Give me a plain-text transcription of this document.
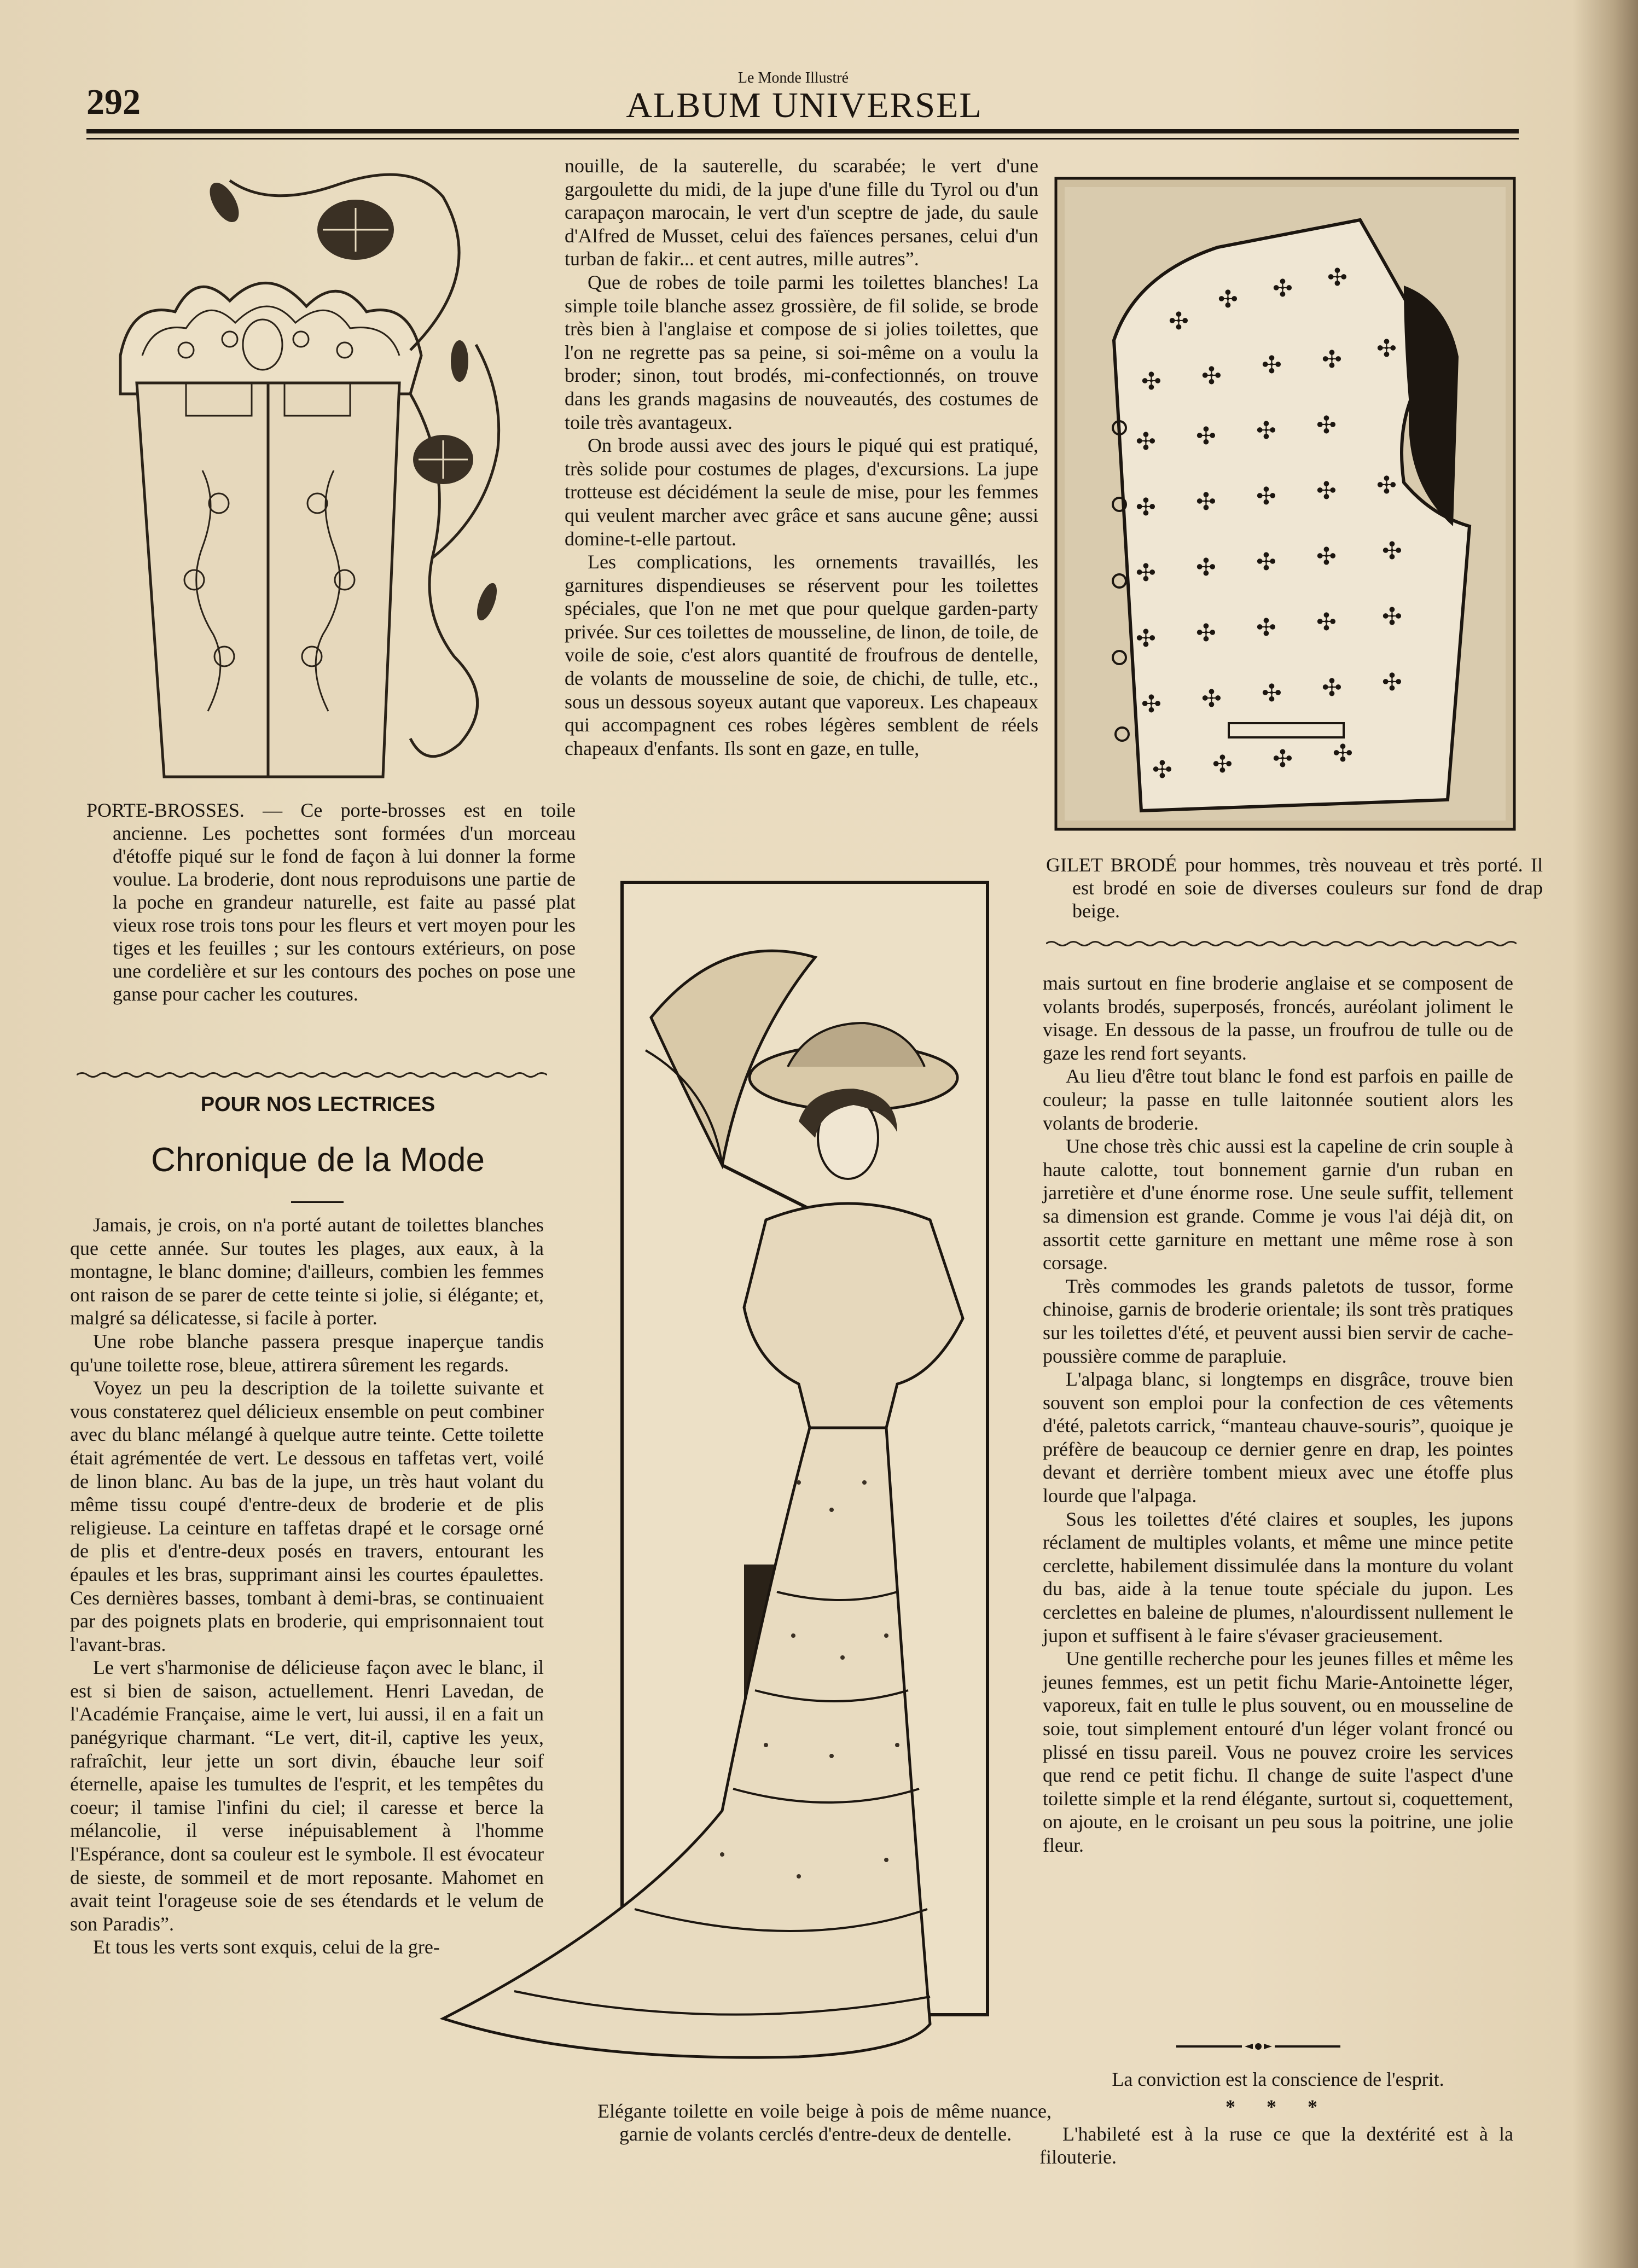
292
Le Monde Illustré
ALBUM UNIVERSEL
PORTE-BROSSES. — Ce porte-brosses est en toile ancienne. Les pochettes sont formées d'un morceau d'étoffe piqué sur le fond de façon à lui donner la forme voulue. La broderie, dont nous reproduisons une partie de la poche en grandeur naturelle, est faite au passé plat vieux rose trois tons pour les fleurs et vert moyen pour les tiges et les feuilles ; sur les contours extérieurs, on pose une cordelière et sur les contours des poches on pose une ganse pour cacher les coutures.
POUR NOS LECTRICES
Chronique de la Mode

Jamais, je crois, on n'a porté autant de toilettes blanches que cette année. Sur toutes les plages, aux eaux, à la montagne, le blanc domine; d'ailleurs, combien les femmes ont raison de se parer de cette teinte si jolie, si élégante; et, malgré sa délicatesse, si facile à porter.

Une robe blanche passera presque inaperçue tandis qu'une toilette rose, bleue, attirera sûrement les regards.

Voyez un peu la description de la toilette suivante et vous constaterez quel délicieux ensemble on peut combiner avec du blanc mélangé à quelque autre teinte. Cette toilette était agrémentée de vert. Le dessous en taffetas vert, voilé de linon blanc. Au bas de la jupe, un très haut volant du même tissu coupé d'entre-deux de broderie et de plis religieuse. La ceinture en taffetas drapé et le corsage orné de plis et d'entre-deux posés en travers, entourant les épaules et les bras, supprimant ainsi les courtes épaulettes. Ces dernières basses, tombant à demi-bras, se continuaient par des poignets plats en broderie, qui emprisonnaient tout l'avant-bras.

Le vert s'harmonise de délicieuse façon avec le blanc, il est si bien de saison, actuellement. Henri Lavedan, de l'Académie Française, aime le vert, lui aussi, il en a fait un panégyrique charmant. “Le vert, dit-il, captive les yeux, rafraîchit, leur jette un sort divin, ébauche leur soif éternelle, apaise les tumultes de l'esprit, et les tempêtes du coeur; il tamise l'infini du ciel; il caresse et berce la mélancolie, il verse inépuisablement à l'homme l'Espérance, dont sa couleur est le symbole. Il est évocateur de sieste, de sommeil et de mort reposante. Mahomet en avait teint l'orageuse soie de ses étendards et le velum de son Paradis”.

Et tous les verts sont exquis, celui de la gre-

nouille, de la sauterelle, du scarabée; le vert d'une gargoulette du midi, de la jupe d'une fille du Tyrol ou d'un carapaçon marocain, le vert d'un sceptre de jade, du saule d'Alfred de Musset, celui des faïences persanes, celui d'un turban de fakir... et cent autres, mille autres”.

Que de robes de toile parmi les toilettes blanches! La simple toile blanche assez grossière, de fil solide, se brode très bien à l'anglaise et compose de si jolies toilettes, que l'on ne regrette pas sa peine, si soi-même on a voulu la broder; sinon, tout brodés, mi-confectionnés, on trouve dans les grands magasins de nouveautés, des costumes de toile très avantageux.

On brode aussi avec des jours le piqué qui est pratiqué, très solide pour costumes de plages, d'excursions. La jupe trotteuse est décidément la seule de mise, pour les femmes qui veulent marcher avec grâce et sans aucune gêne; aussi domine-t-elle partout.

Les complications, les ornements travaillés, les garnitures dispendieuses se réservent pour les toilettes spéciales, que l'on ne met que pour quelque garden-party privée. Sur ces toilettes de mousseline, de linon, de toile, de voile de soie, c'est alors quantité de froufrous de dentelle, de volants de mousseline de soie, de chichi, de tulle, etc., sous un dessous soyeux autant que vaporeux. Les chapeaux qui accompagnent ces robes légères semblent de réels chapeaux d'enfants. Ils sont en gaze, en tulle,

Elégante toilette en voile beige à pois de même nuance, garnie de volants cerclés d'entre-deux de dentelle.
✣
✣ ✣ ✣
✣ ✣ ✣ ✣ ✣
✣ ✣ ✣ ✣
✣ ✣ ✣ ✣ ✣
✣ ✣ ✣ ✣ ✣
✣ ✣ ✣ ✣ ✣
✣ ✣ ✣ ✣ ✣
✣ ✣ ✣ ✣
GILET BRODÉ pour hommes, très nouveau et très porté. Il est brodé en soie de diverses couleurs sur fond de drap beige.

mais surtout en fine broderie anglaise et se composent de volants brodés, superposés, froncés, auréolant joliment le visage. En dessous de la passe, un froufrou de tulle ou de gaze les rend fort seyants.

Au lieu d'être tout blanc le fond est parfois en paille de couleur; la passe en tulle laitonnée soutient alors les volants de broderie.

Une chose très chic aussi est la capeline de crin souple à haute calotte, tout bonnement garnie d'un ruban en jarretière et d'une énorme rose. Une seule suffit, tellement sa dimension est grande. Comme je vous l'ai déjà dit, on assortit cette garniture en mettant une même rose à son corsage.

Très commodes les grands paletots de tussor, forme chinoise, garnis de broderie orientale; ils sont très pratiques sur les toilettes d'été, et peuvent aussi bien servir de cache-poussière comme de parapluie.

L'alpaga blanc, si longtemps en disgrâce, trouve bien souvent son emploi pour la confection de ces vêtements d'été, paletots carrick, “manteau chauve-souris”, quoique je préfère de beaucoup ce dernier genre en drap, les pointes devant et derrière tombent mieux avec une étoffe plus lourde que l'alpaga.

Sous les toilettes d'été claires et souples, les jupons réclament de multiples volants, et même une mince petite cerclette, habilement dissimulée dans la monture du volant du bas, aide à la tenue toute spéciale du jupon. Les cerclettes en baleine de plumes, n'alourdissent nullement le jupon et suffisent à le faire s'évaser gracieusement.

Une gentille recherche pour les jeunes filles et même les jeunes femmes, est un petit fichu Marie-Antoinette léger, vaporeux, fait en tulle le plus souvent, ou en mousseline de soie, tout simplement entouré d'un léger volant froncé ou plissé en tissu pareil. Vous ne pouvez croire les services que rend ce petit fichu. Il change de suite l'aspect d'une toilette simple et la rend élégante, surtout si, coquettement, on ajoute, en le croisant un peu sous la poitrine, une jolie fleur.

La conviction est la conscience de l'esprit.
* * *
L'habileté est à la ruse ce que la dextérité est à la filouterie.
